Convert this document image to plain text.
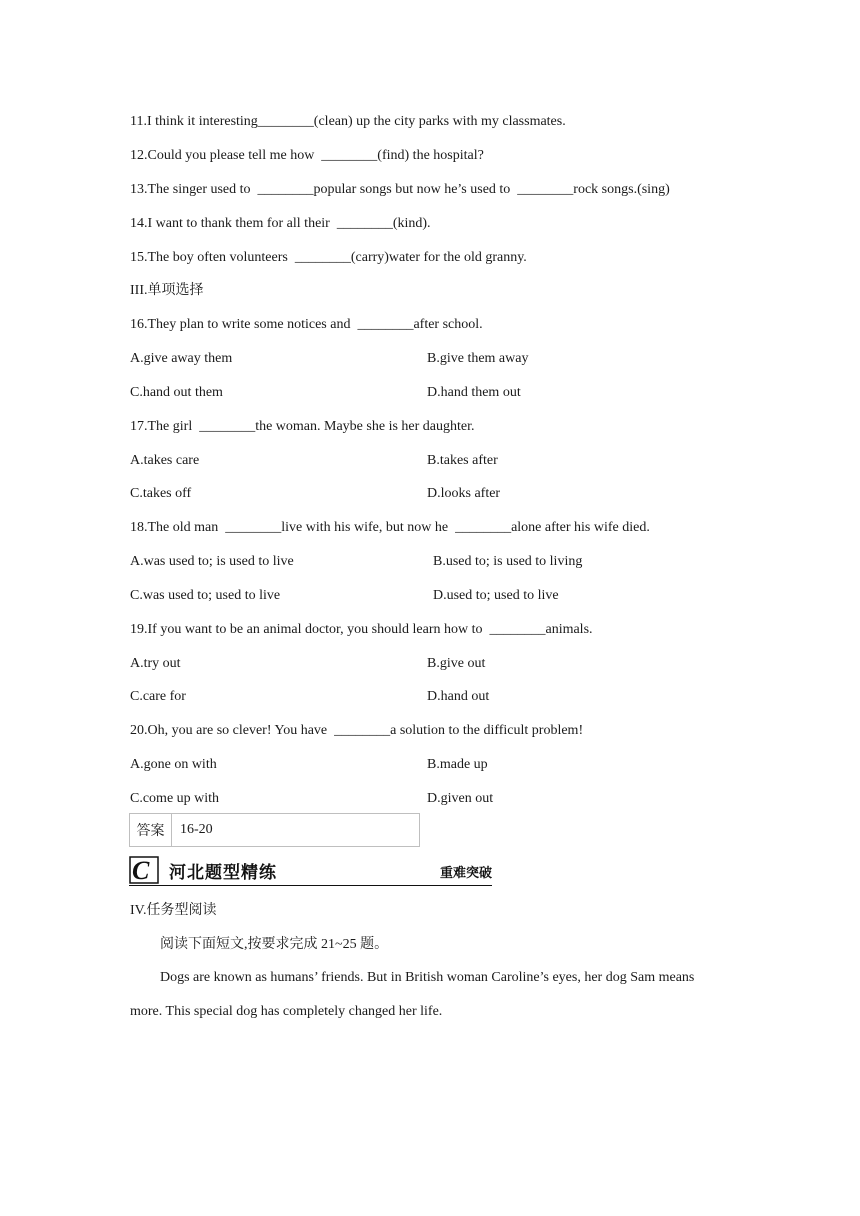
11.I think it interesting________(clean) up the city parks with my classmates.
12.Could you please tell me how  ________(find) the hospital?
13.The singer used to  ________popular songs but now he’s used to  ________rock songs.(sing)
14.I want to thank them for all their  ________(kind).
15.The boy often volunteers  ________(carry)water for the old granny.
III.单项选择
16.They plan to write some notices and  ________after school.
A.give away them	B.give them away
C.hand out them	D.hand them out
17.The girl  ________the woman. Maybe she is her daughter.
A.takes care	B.takes after
C.takes off	D.looks after
18.The old man  ________live with his wife, but now he  ________alone after his wife died.
A.was used to; is used to live	B.used to; is used to living
C.was used to; used to live	D.used to; used to live
19.If you want to be an animal doctor, you should learn how to  ________animals.
A.try out	B.give out
C.care for	D.hand out
20.Oh, you are so clever! You have  ________a solution to the difficult problem!
A.gone on with	B.made up
C.come up with	D.given out
答案	16-20
C 河北题型精练	重难突破
IV.任务型阅读
阅读下面短文,按要求完成 21~25 题。
Dogs are known as humans’ friends. But in British woman Caroline’s eyes, her dog Sam means more. This special dog has completely changed her life.
